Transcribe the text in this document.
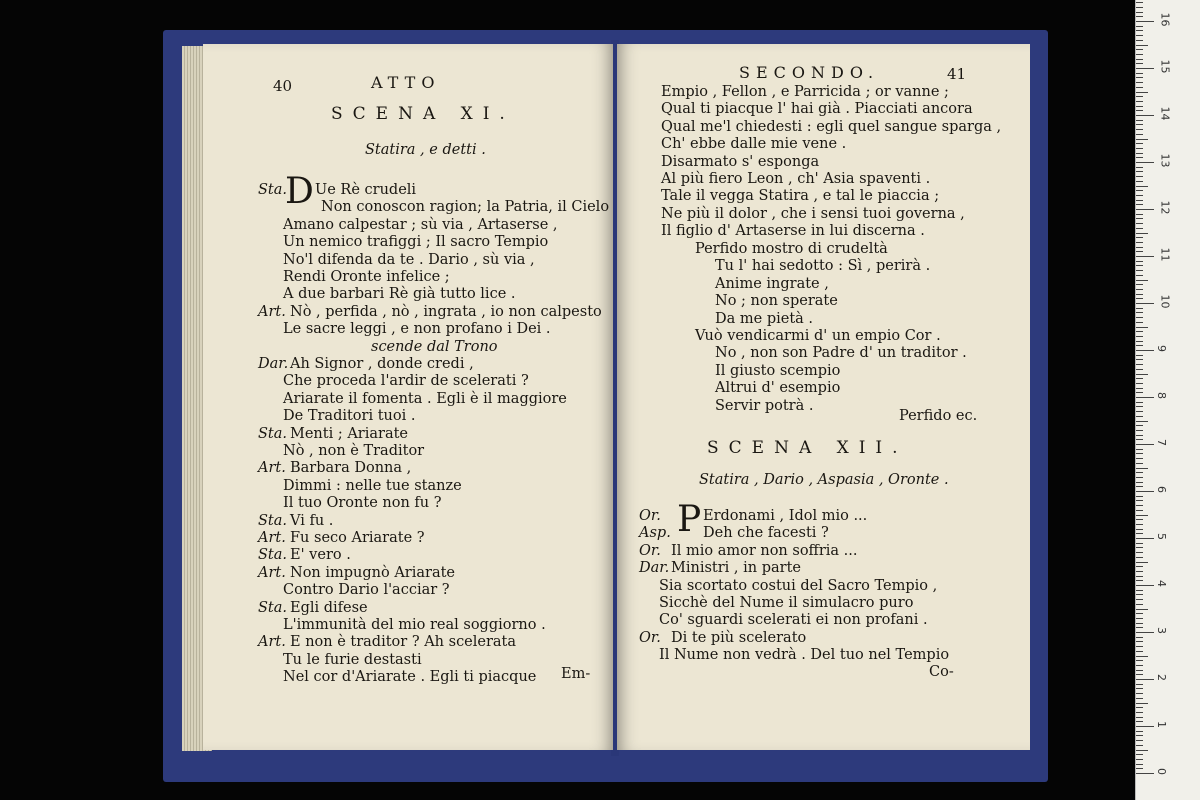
40	ATTO
SCENA XI.
Statira , e detti .
D
Em-
Sta. Ue Rè crudeli
Non conoscon ragion; la Patria, il Cielo
Amano calpestar ; sù via , Artaserse ,
Un nemico trafiggi ; Il sacro Tempio
No'l difenda da te . Dario , sù via ,
Rendi Oronte infelice ;
A due barbari Rè già tutto lice .
Art. Nò , perfida , nò , ingrata , io non calpesto
Le sacre leggi , e non profano i Dei .
scende dal Trono
Dar. Ah Signor , donde credi ,
Che proceda l'ardir de scelerati ?
Ariarate il fomenta . Egli è il maggiore
De Traditori tuoi .
Sta. Menti ; Ariarate
Nò , non è Traditor
Art. Barbara Donna ,
Dimmi : nelle tue stanze
Il tuo Oronte non fu ?
Sta. Vi fu .
Art. Fu seco Ariarate ?
Sta. E' vero .
Art. Non impugnò Ariarate
Contro Dario l'acciar ?
Sta. Egli difese
L'immunità del mio real soggiorno .
Art. E non è traditor ? Ah scelerata
Tu le furie destasti
Nel cor d'Ariarate . Egli ti piacque
SECONDO.	41
Perfido ec.
SCENA XII.
Statira , Dario , Aspasia , Oronte .
P
Co-
Empio , Fellon , e Parricida ; or vanne ;
Qual ti piacque l' hai già . Piacciati ancora
Qual me'l chiedesti : egli quel sangue sparga ,
Ch' ebbe dalle mie vene .
Disarmato s' esponga
Al più fiero Leon , ch' Asia spaventi .
Tale il vegga Statira , e tal le piaccia ;
Ne più il dolor , che i sensi tuoi governa ,
Il figlio d' Artaserse in lui discerna .
Perfido mostro di crudeltà
Tu l' hai sedotto : Sì , perirà .
Anime ingrate ,
No ; non sperate
Da me pietà .
Vuò vendicarmi d' un empio Cor .
No , non son Padre d' un traditor .
Il giusto scempio
Altrui d' esempio
Servir potrà .
Or.	Erdonami , Idol mio ...
Asp. Deh che facesti ?
Or. Il mio amor non soffria ...
Dar. Ministri , in parte
Sia scortato costui del Sacro Tempio ,
Sicchè del Nume il simulacro puro
Co' sguardi scelerati ei non profani .
Or. Di te più scelerato
Il Nume non vedrà . Del tuo nel Tempio
0
1
2
3
4
5
6
7
8
9
10
11
12
13
14
15
16
